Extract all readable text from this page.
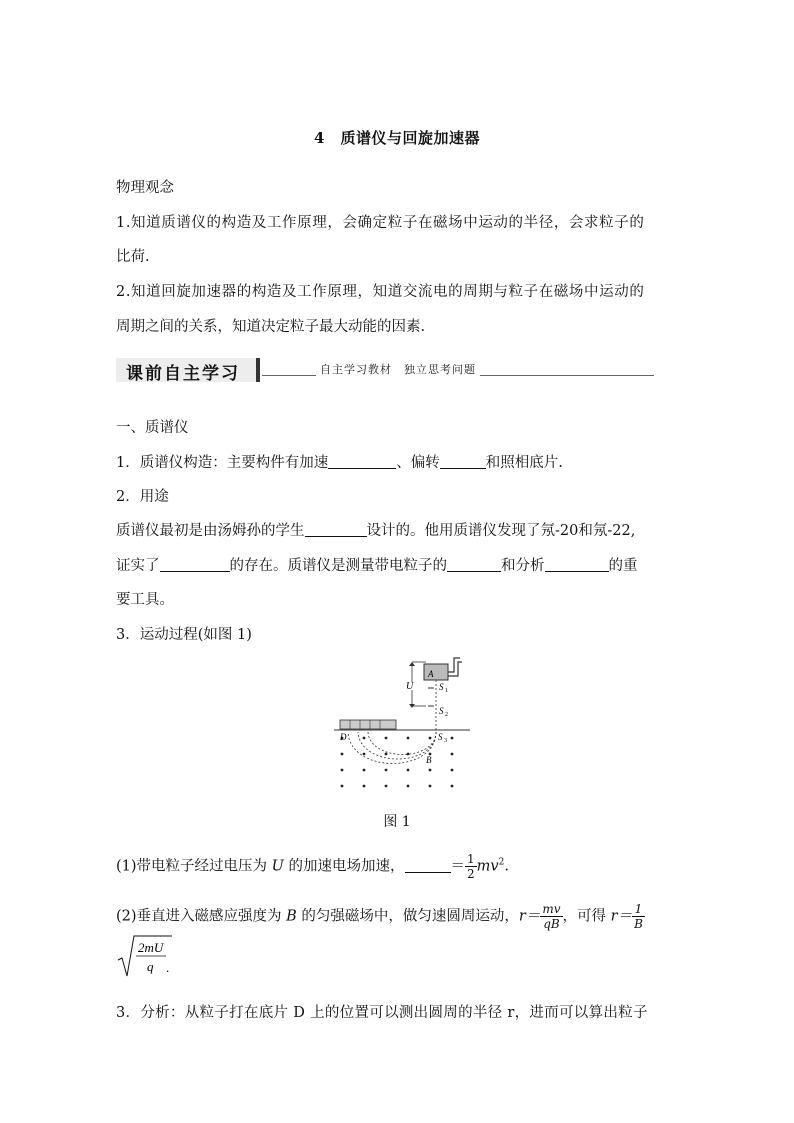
4　质谱仪与回旋加速器
物理观念
1.知道质谱仪的构造及工作原理，会确定粒子在磁场中运动的半径，会求粒子的
比荷.
2.知道回旋加速器的构造及工作原理，知道交流电的周期与粒子在磁场中运动的
周期之间的关系，知道决定粒子最大动能的因素.
课前自主学习	自主学习教材　独立思考问题
一、质谱仪
1．质谱仪构造：主要构件有加速	、偏转	和照相底片.
2．用途
质谱仪最初是由汤姆孙的学生	设计的。他用质谱仪发现了氖-20和氖-22,
证实了	的存在。质谱仪是测量带电粒子的	和分析	的重
要工具。
3．运动过程(如图 1)
U
A
S 1
S 2
S 3
D
B
图 1
(1)带电粒子经过电压为 U 的加速电场加速，	＝ $\frac{1}{2} mv^2$.
(2)垂直进入磁感应强度为 B 的匀强磁场中，做匀速圆周运动，$r= \frac{mv}{qB}$ ，可得 $r= \frac{1}{B}$
2mU
q .
3．分析：从粒子打在底片 D 上的位置可以测出圆周的半径 r，进而可以算出粒子
